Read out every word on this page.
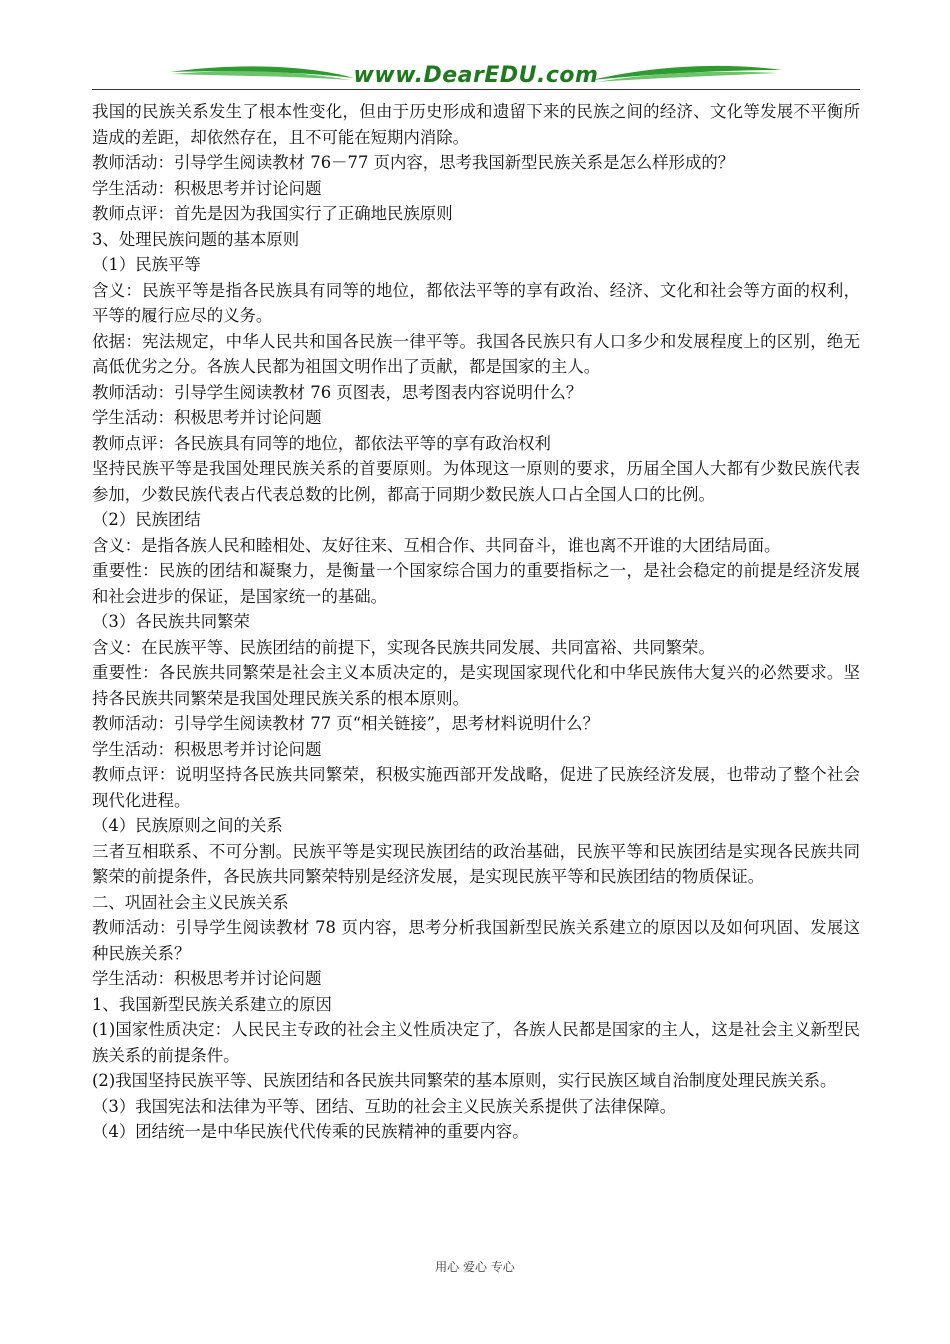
www.DearEDU.com

我国的民族关系发生了根本性变化，但由于历史形成和遗留下来的民族之间的经济、文化等发展不平衡所造成的差距，却依然存在，且不可能在短期内消除。

教师活动：引导学生阅读教材 76－77 页内容，思考我国新型民族关系是怎么样形成的？

学生活动：积极思考并讨论问题

教师点评：首先是因为我国实行了正确地民族原则

3、处理民族问题的基本原则

（1）民族平等

含义：民族平等是指各民族具有同等的地位，都依法平等的享有政治、经济、文化和社会等方面的权利，平等的履行应尽的义务。

依据：宪法规定，中华人民共和国各民族一律平等。我国各民族只有人口多少和发展程度上的区别，绝无高低优劣之分。各族人民都为祖国文明作出了贡献，都是国家的主人。

教师活动：引导学生阅读教材 76 页图表，思考图表内容说明什么？

学生活动：积极思考并讨论问题

教师点评：各民族具有同等的地位，都依法平等的享有政治权利

坚持民族平等是我国处理民族关系的首要原则。为体现这一原则的要求，历届全国人大都有少数民族代表参加，少数民族代表占代表总数的比例，都高于同期少数民族人口占全国人口的比例。

（2）民族团结

含义：是指各族人民和睦相处、友好往来、互相合作、共同奋斗，谁也离不开谁的大团结局面。

重要性：民族的团结和凝聚力，是衡量一个国家综合国力的重要指标之一，是社会稳定的前提是经济发展和社会进步的保证，是国家统一的基础。

（3）各民族共同繁荣

含义：在民族平等、民族团结的前提下，实现各民族共同发展、共同富裕、共同繁荣。

重要性：各民族共同繁荣是社会主义本质决定的，是实现国家现代化和中华民族伟大复兴的必然要求。坚持各民族共同繁荣是我国处理民族关系的根本原则。

教师活动：引导学生阅读教材 77 页“相关链接”，思考材料说明什么？

学生活动：积极思考并讨论问题

教师点评：说明坚持各民族共同繁荣，积极实施西部开发战略，促进了民族经济发展，也带动了整个社会现代化进程。

（4）民族原则之间的关系

三者互相联系、不可分割。民族平等是实现民族团结的政治基础，民族平等和民族团结是实现各民族共同繁荣的前提条件，各民族共同繁荣特别是经济发展，是实现民族平等和民族团结的物质保证。

二、巩固社会主义民族关系

教师活动：引导学生阅读教材 78 页内容，思考分析我国新型民族关系建立的原因以及如何巩固、发展这种民族关系？

学生活动：积极思考并讨论问题

1、我国新型民族关系建立的原因

(1)国家性质决定：人民民主专政的社会主义性质决定了，各族人民都是国家的主人，这是社会主义新型民族关系的前提条件。

(2)我国坚持民族平等、民族团结和各民族共同繁荣的基本原则，实行民族区域自治制度处理民族关系。

（3）我国宪法和法律为平等、团结、互助的社会主义民族关系提供了法律保障。

（4）团结统一是中华民族代代传乘的民族精神的重要内容。

用心 爱心 专心
